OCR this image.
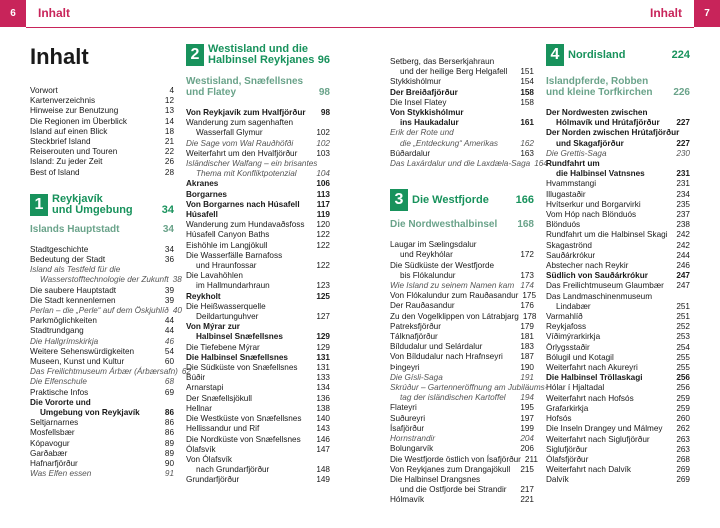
6	Inhalt	Inhalt	7
Inhalt
Vorwort	4
Kartenverzeichnis	12
Hinweise zur Benutzung	13
Die Regionen im Überblick	14
Island auf einen Blick	18
Steckbrief Island	21
Reiserouten und Touren	22
Island: Zu jeder Zeit	26
Best of Island	28
1 Reykjavík
und Umgebung	34
Islands Hauptstadt	34
Stadtgeschichte	34
Bedeutung der Stadt	36
Island als Testfeld für die
Wasserstofftechnologie der Zukunft 38
Die saubere Hauptstadt	39
Die Stadt kennenlernen	39
Perlan – die „Perle“ auf dem Öskjuhlíð 40
Parkmöglichkeiten	44
Stadtrundgang	44
Die Hallgrímskirkja	46
Weitere Sehenswürdigkeiten	54
Museen, Kunst und Kultur	60
Das Freilichtmuseum Árbær (Árbærsafn) 62
Die Elfenschule	68
Praktische Infos	69
Die Vororte und
Umgebung von Reykjavík	86
Seltjarnarnes	86
Mosfellsbær	86
Kópavogur	89
Garðabær	89
Hafnarfjörður	90
Was Elfen essen	91
2 Westisland und die
Halbinsel Reykjanes 96
Westisland, Snæfellsnes
und Flatey	98
Von Reykjavík zum Hvalfjörður	98
Wanderung zum sagenhaften
Wasserfall Glymur	102
Die Sage vom Wal Rauðhöfði	102
Weiterfahrt um den Hvalfjörður	103
Isländischer Walfang – ein brisantes
Thema mit Konfliktpotenzial	104
Akranes	106
Borgarnes	113
Von Borgarnes nach Húsafell	117
Húsafell	119
Wanderung zum Hundavaðsfoss	120
Húsafell Canyon Baths	122
Eishöhle im Langjökull	122
Die Wasserfälle Barnafoss
und Hraunfossar	122
Die Lavahöhlen
im Hallmundarhraun	123
Reykholt	125
Die Heißwasserquelle
Deildartunguhver	127
Von Mýrar zur
Halbinsel Snæfellsnes	129
Die Tiefebene Mýrar	129
Die Halbinsel Snæfellsnes	131
Die Südküste von Snæfellsnes	131
Búðir	133
Arnarstapi	134
Der Snæfellsjökull	136
Hellnar	138
Die Westküste von Snæfellsnes	140
Hellissandur und Rif	143
Die Nordküste von Snæfellsnes	146
Ólafsvík	147
Von Ólafsvík
nach Grundarfjörður	148
Grundarfjörður	149
Setberg, das Berserkjahraun
und der heilige Berg Helgafell	151
Stykkishólmur	154
Der Breiðafjörður	158
Die Insel Flatey	158
Von Stykkishólmur
ins Haukadalur	161
Erik der Rote und
die „Entdeckung“ Amerikas	162
Búðardalur	163
Das Laxárdalur und die Laxdæla-Saga 164
3 Die Westfjorde	166
Die Nordwesthalbinsel	168
Laugar im Sælingsdalur
und Reykhólar	172
Die Südküste der Westfjorde
bis Flókalundur	173
Wie Island zu seinem Namen kam 174
Von Flókalundur zum Rauðasandur 175
Der Rauðasandur	176
Zu den Vogelklippen von Látrabjarg 178
Patreksfjörður	179
Tálknafjörður	181
Bíldudalur und Selárdalur	183
Von Bíldudalur nach Hrafnseyri	187
Þingeyri	190
Die Gísli-Saga	191
Skrúður – Gartenneröffnung am Jubiläums-
tag der isländischen Kartoffel	194
Flateyri	195
Suðureyri	197
Ísafjörður	199
Hornstrandir	204
Bolungarvík	206
Die Westfjorde östlich von Ísafjörður 211
Von Reykjanes zum Drangajökull	215
Die Halbinsel Drangsnes
und die Ostfjorde bei Strandir	217
Hólmavík	221
4 Nordisland	224
Islandpferde, Robben
und kleine Torfkirchen	226
Der Nordwesten zwischen
Hólmavík und Hrútafjörður	227
Der Norden zwischen Hrútafjörður
und Skagafjörður	227
Die Grettis-Saga	230
Rundfahrt um
die Halbinsel Vatnsnes	231
Hvammstangi	231
Illugastaðir	234
Hvítserkur und Borgarvirki	235
Vom Hóp nach Blönduós	237
Blönduós	238
Rundfahrt um die Halbinsel Skagi	242
Skagaströnd	242
Sauðárkrókur	244
Abstecher nach Reykir	246
Südlich von Sauðárkrókur	247
Das Freilichtmuseum Glaumbær	247
Das Landmaschinenmuseum
Lindabær	251
Varmahlíð	251
Reykjafoss	252
Víðimýrarkirkja	253
Örlygsstaðir	254
Bólugil und Kotagil	255
Weiterfahrt nach Akureyri	255
Die Halbinsel Tröllaskagi	256
Hólar í Hjaltadal	256
Weiterfahrt nach Hofsós	259
Grafarkirkja	259
Hofsós	260
Die Inseln Drangey und Málmey	262
Weiterfahrt nach Siglufjörður	263
Siglufjörður	263
Ólafsfjörður	268
Weiterfahrt nach Dalvík	269
Dalvík	269
